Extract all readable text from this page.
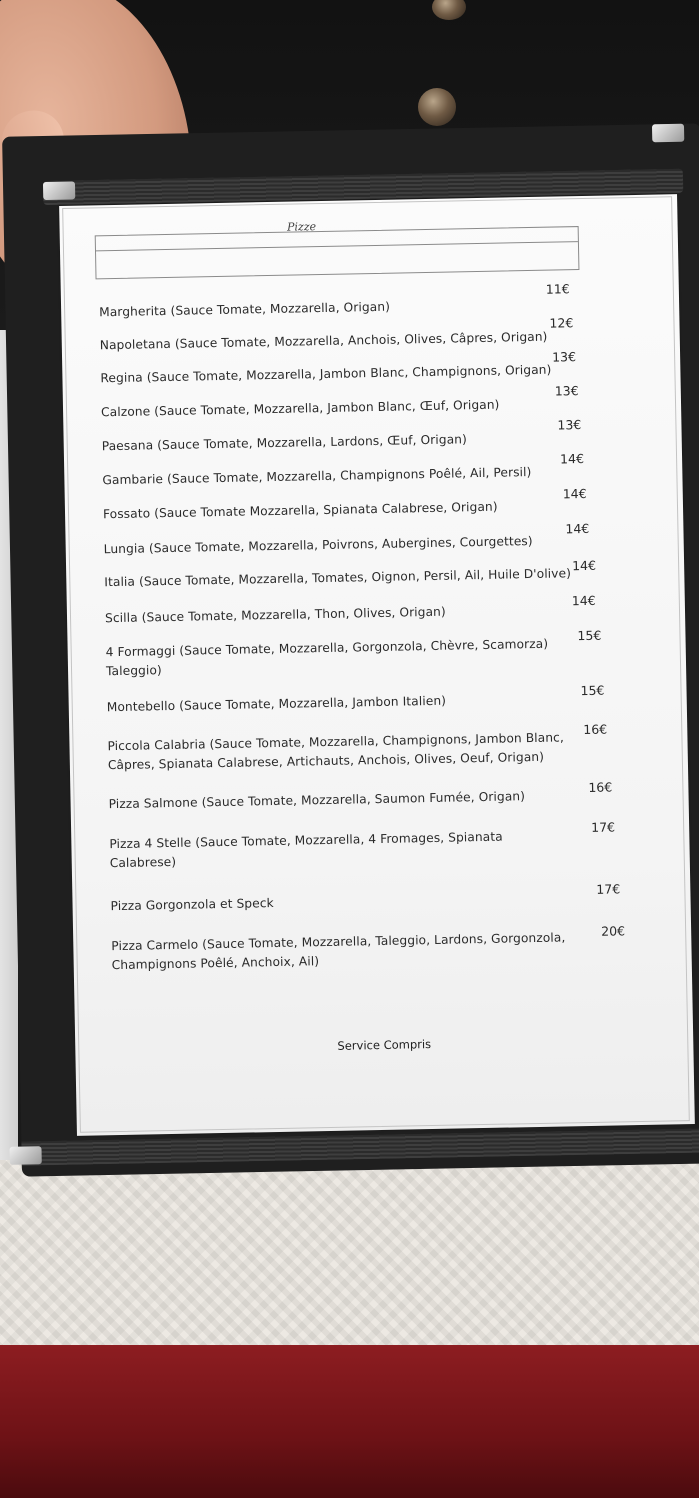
Pizze
Margherita (Sauce Tomate, Mozzarella, Origan)
11€
Napoletana (Sauce Tomate, Mozzarella, Anchois, Olives, Câpres, Origan)
12€
Regina (Sauce Tomate, Mozzarella, Jambon Blanc, Champignons, Origan)
13€
Calzone (Sauce Tomate, Mozzarella, Jambon Blanc, Œuf, Origan)
13€
Paesana (Sauce Tomate, Mozzarella, Lardons, Œuf, Origan)
13€
Gambarie (Sauce Tomate, Mozzarella, Champignons Poêlé, Ail, Persil)
14€
Fossato (Sauce Tomate Mozzarella, Spianata Calabrese, Origan)
14€
Lungia (Sauce Tomate, Mozzarella, Poivrons, Aubergines, Courgettes)
14€
Italia (Sauce Tomate, Mozzarella, Tomates, Oignon, Persil, Ail, Huile D'olive)
14€
Scilla (Sauce Tomate, Mozzarella, Thon, Olives, Origan)
14€
4 Formaggi (Sauce Tomate, Mozzarella, Gorgonzola, Chèvre, Scamorza) Taleggio)
15€
Montebello (Sauce Tomate, Mozzarella, Jambon Italien)
15€
Piccola Calabria (Sauce Tomate, Mozzarella, Champignons, Jambon Blanc, Câpres, Spianata Calabrese, Artichauts, Anchois, Olives, Oeuf, Origan)
16€
Pizza Salmone (Sauce Tomate, Mozzarella, Saumon Fumée, Origan)
16€
Pizza 4 Stelle (Sauce Tomate, Mozzarella, 4 Fromages, Spianata Calabrese)
17€
Pizza Gorgonzola et Speck
17€
Pizza Carmelo (Sauce Tomate, Mozzarella, Taleggio, Lardons, Gorgonzola, Champignons Poêlé, Anchoix, Ail)
20€
Service Compris
